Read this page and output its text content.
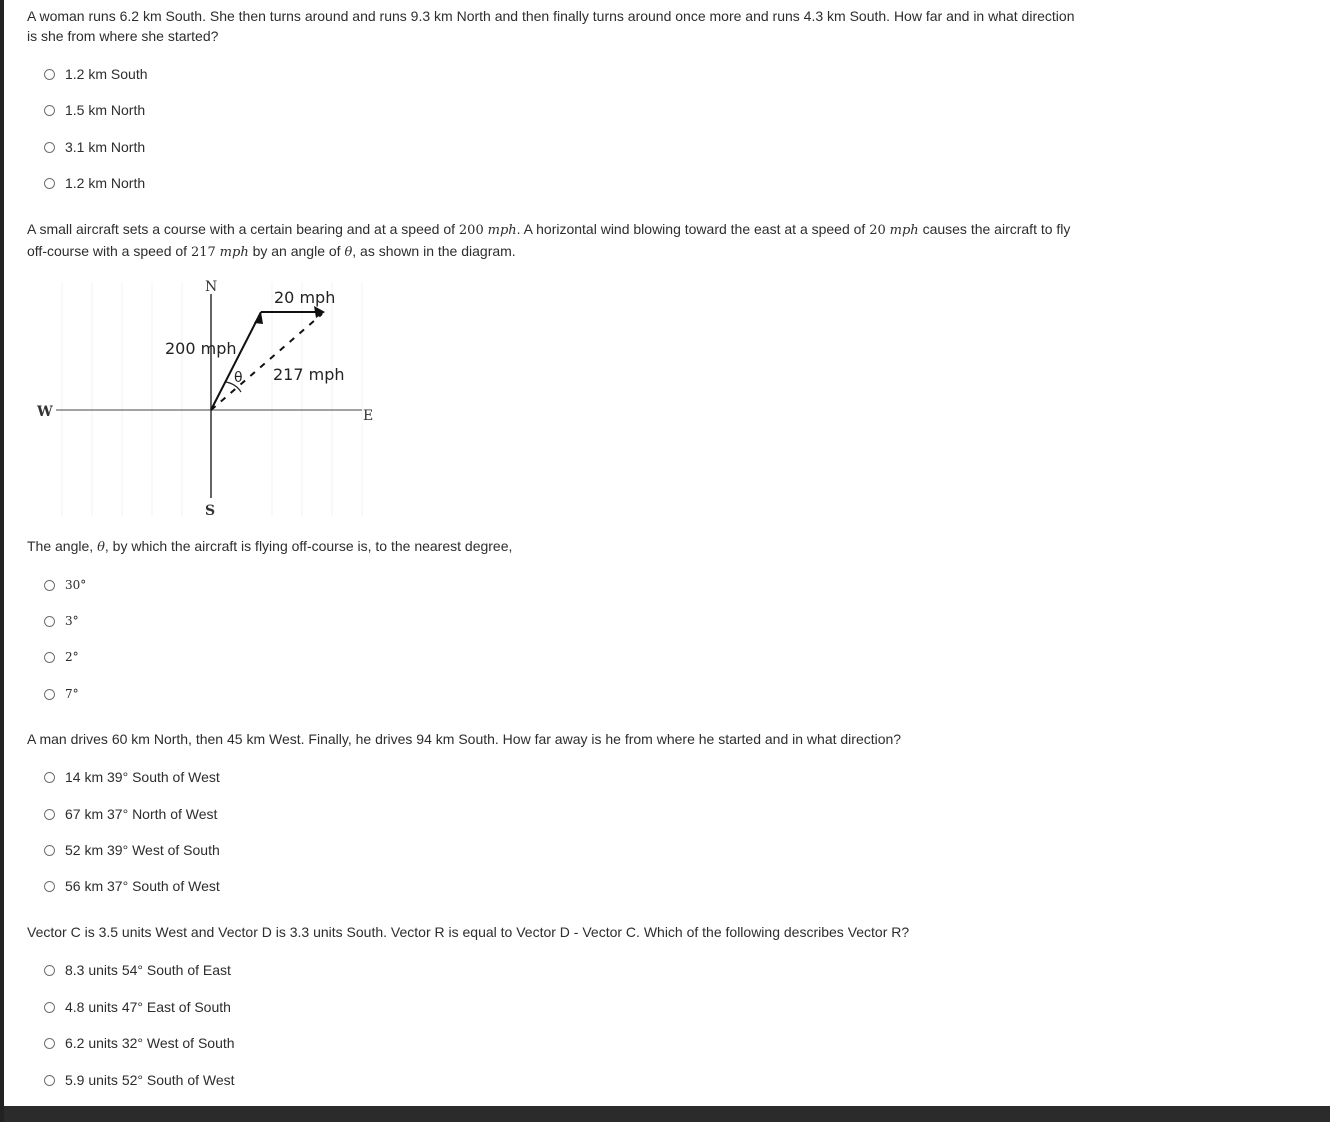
A woman runs 6.2 km South. She then turns around and runs 9.3 km North and then finally turns around once more and runs 4.3 km South. How far and in what direction is she from where she started?
1.2 km South
1.5 km North
3.1 km North
1.2 km North
A small aircraft sets a course with a certain bearing and at a speed of 200 mph. A horizontal wind blowing toward the east at a speed of 20 mph causes the aircraft to fly off-course with a speed of 217 mph by an angle of θ, as shown in the diagram.
N
S
W	E
20 mph
200 mph
217 mph
θ
The angle, θ, by which the aircraft is flying off-course is, to the nearest degree,
30°
3°
2°
7°
A man drives 60 km North, then 45 km West. Finally, he drives 94 km South. How far away is he from where he started and in what direction?
14 km 39° South of West
67 km 37° North of West
52 km 39° West of South
56 km 37° South of West
Vector C is 3.5 units West and Vector D is 3.3 units South. Vector R is equal to Vector D - Vector C. Which of the following describes Vector R?
8.3 units 54° South of East
4.8 units 47° East of South
6.2 units 32° West of South
5.9 units 52° South of West
